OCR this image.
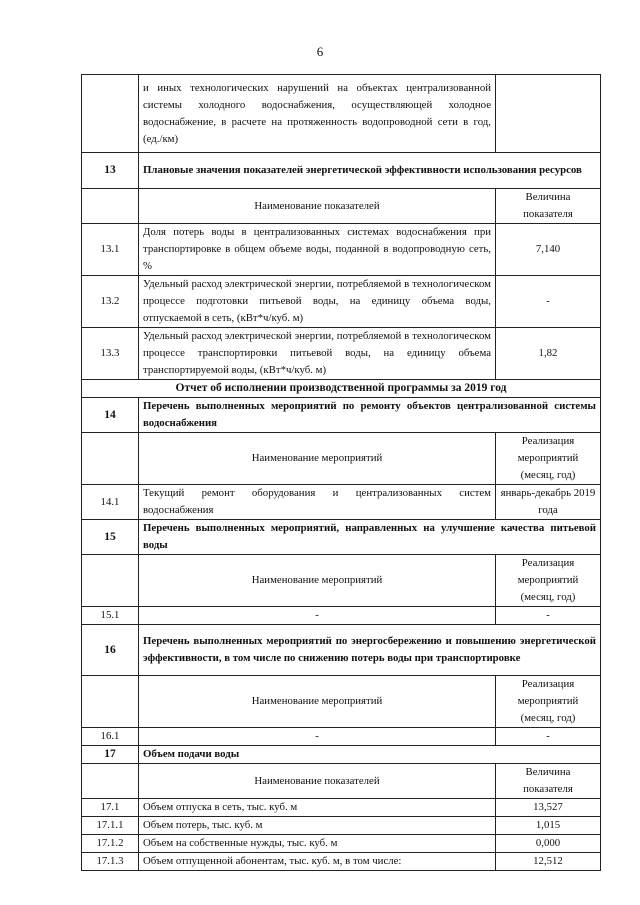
6
	и иных технологических нарушений на объектах централизованной системы холодного водоснабжения, осуществляющей холодное водоснабжение, в расчете на протяженность водопроводной сети в год, (ед./км)	
13	Плановые значения показателей энергетической эффективности использования ресурсов	
	Наименование показателей	Величина показателя
13.1	Доля потерь воды в централизованных системах водоснабжения при транспортировке в общем объеме воды, поданной в водопроводную сеть, %	7,140
13.2	Удельный расход электрической энергии, потребляемой в технологическом процессе подготовки питьевой воды, на единицу объема воды, отпускаемой в сеть, (кВт*ч/куб. м)	-
13.3	Удельный расход электрической энергии, потребляемой в технологическом процессе транспортировки питьевой воды, на единицу объема транспортируемой воды, (кВт*ч/куб. м)	1,82
Отчет об исполнении производственной программы за 2019 год		
14	Перечень выполненных мероприятий по ремонту объектов централизованной системы водоснабжения	
	Наименование мероприятий	Реализация мероприятий (месяц, год)
14.1	Текущий ремонт оборудования и централизованных систем водоснабжения	январь-декабрь 2019 года
15	Перечень выполненных мероприятий, направленных на улучшение качества питьевой воды	
	Наименование мероприятий	Реализация мероприятий (месяц, год)
15.1	-	-
16	Перечень выполненных мероприятий по энергосбережению и повышению энергетической эффективности, в том числе по снижению потерь воды при транспортировке	
	Наименование мероприятий	Реализация мероприятий (месяц, год)
16.1	-	-
17	Объем подачи воды	
	Наименование показателей	Величина показателя
17.1	Объем отпуска в сеть, тыс. куб. м	13,527
17.1.1	Объем потерь, тыс. куб. м	1,015
17.1.2	Объем на собственные нужды, тыс. куб. м	0,000
17.1.3	Объем отпущенной абонентам, тыс. куб. м, в том числе:	12,512
